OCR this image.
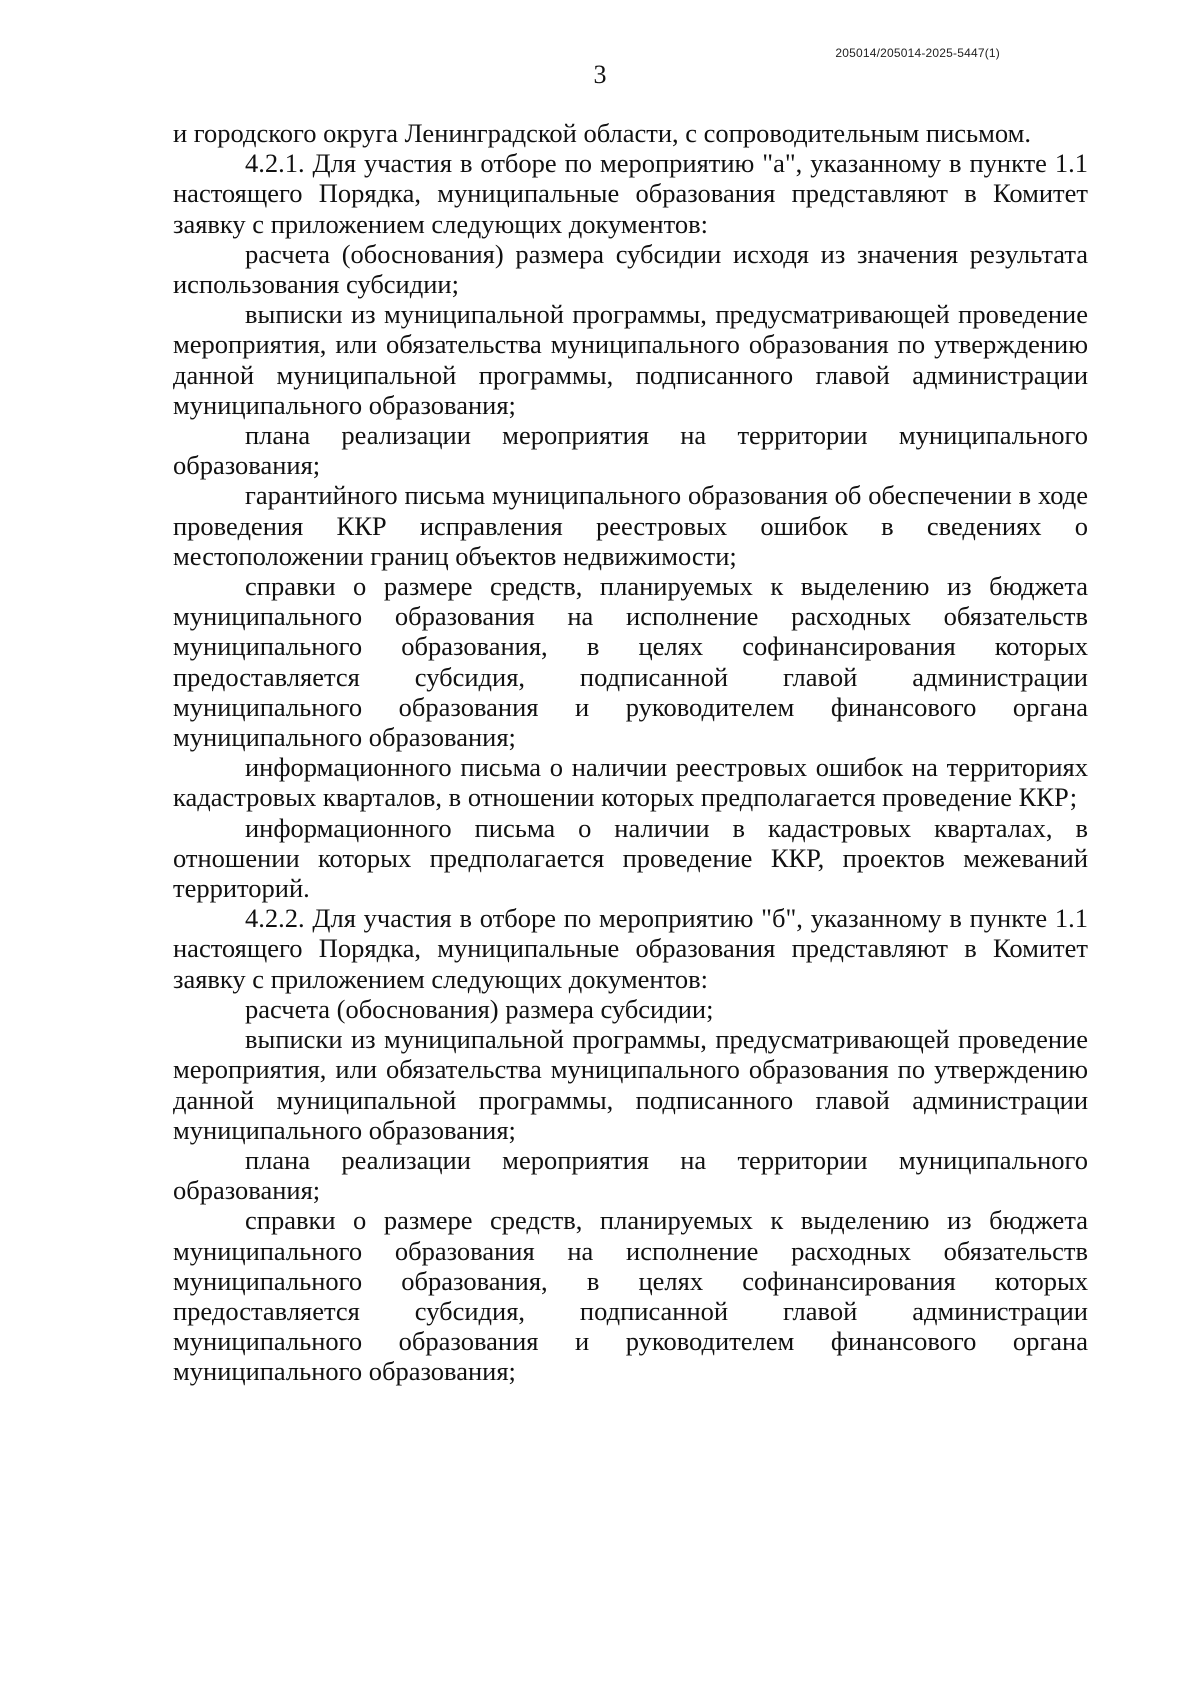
205014/205014-2025-5447(1)
3

и городского округа Ленинградской области, с сопроводительным письмом.

4.2.1. Для участия в отборе по мероприятию "а", указанному в пункте 1.1 настоящего Порядка, муниципальные образования представляют в Комитет заявку с приложением следующих документов:

расчета (обоснования) размера субсидии исходя из значения результата использования субсидии;

выписки из муниципальной программы, предусматривающей проведение мероприятия, или обязательства муниципального образования по утверждению данной муниципальной программы, подписанного главой администрации муниципального образования;

плана реализации мероприятия на территории муниципального образования;

гарантийного письма муниципального образования об обеспечении в ходе проведения ККР исправления реестровых ошибок в сведениях о местоположении границ объектов недвижимости;

справки о размере средств, планируемых к выделению из бюджета муниципального образования на исполнение расходных обязательств муниципального образования, в целях софинансирования которых предоставляется субсидия, подписанной главой администрации муниципального образования и руководителем финансового органа муниципального образования;

информационного письма о наличии реестровых ошибок на территориях кадастровых кварталов, в отношении которых предполагается проведение ККР;

информационного письма о наличии в кадастровых кварталах, в отношении которых предполагается проведение ККР, проектов межеваний территорий.

4.2.2. Для участия в отборе по мероприятию "б", указанному в пункте 1.1 настоящего Порядка, муниципальные образования представляют в Комитет заявку с приложением следующих документов:

расчета (обоснования) размера субсидии;

выписки из муниципальной программы, предусматривающей проведение мероприятия, или обязательства муниципального образования по утверждению данной муниципальной программы, подписанного главой администрации муниципального образования;

плана реализации мероприятия на территории муниципального образования;

справки о размере средств, планируемых к выделению из бюджета муниципального образования на исполнение расходных обязательств муниципального образования, в целях софинансирования которых предоставляется субсидия, подписанной главой администрации муниципального образования и руководителем финансового органа муниципального образования;
